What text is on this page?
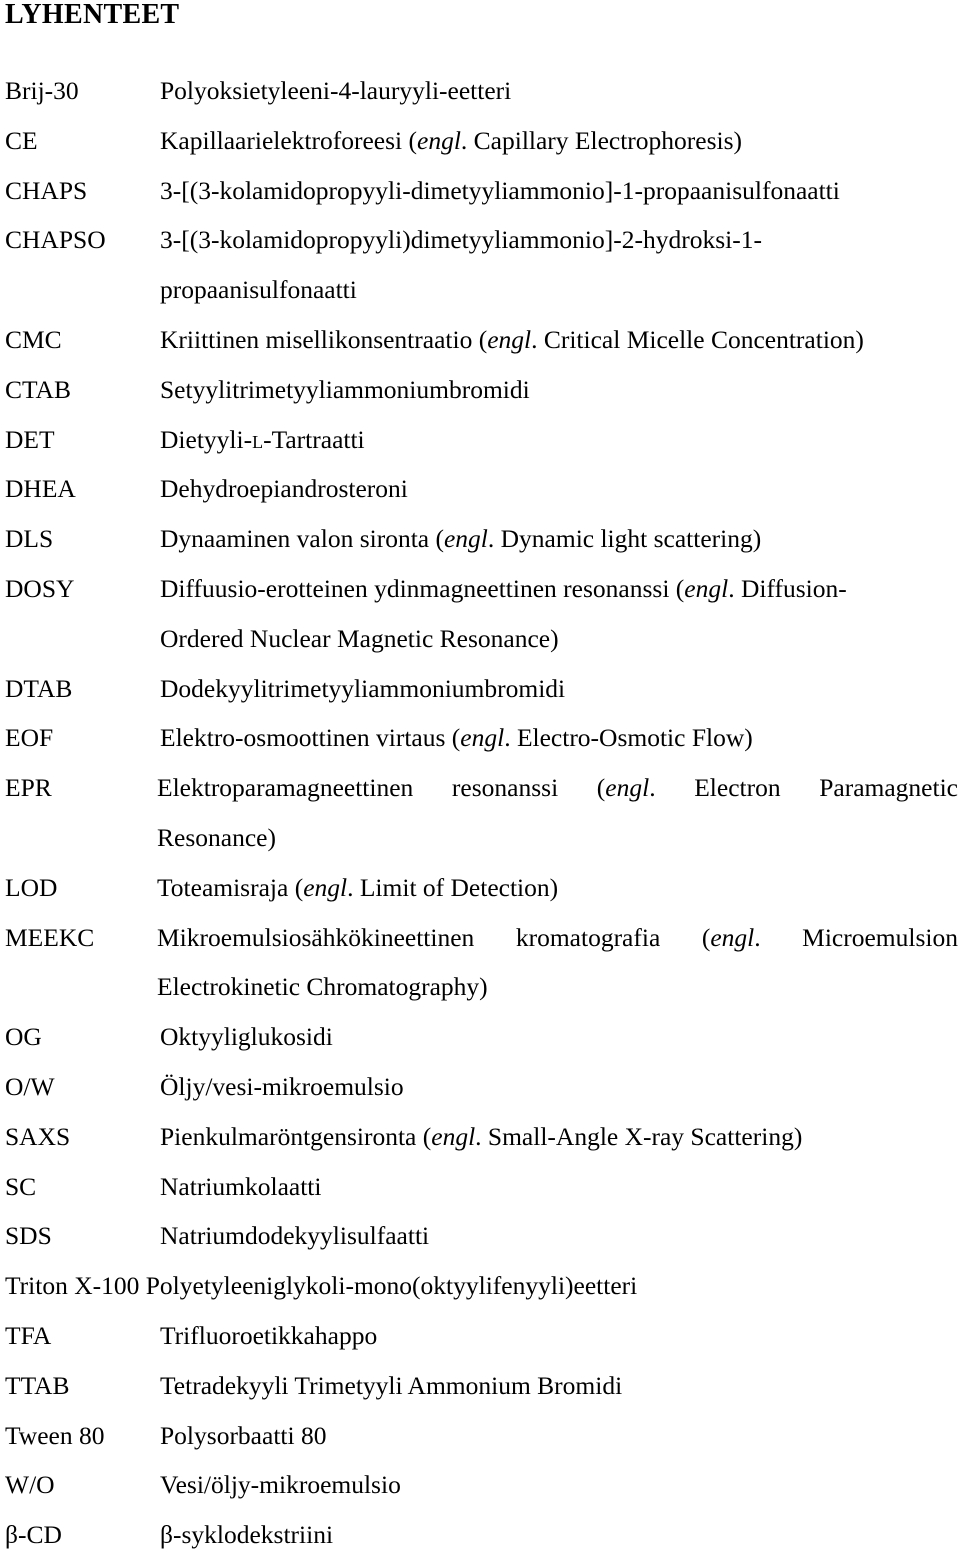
LYHENTEET
Brij-30	Polyoksietyleeni-4-lauryyli-eetteri
CE	Kapillaarielektroforeesi (engl. Capillary Electrophoresis)
CHAPS	3-[(3-kolamidopropyyli-dimetyyliammonio]-1-propaanisulfonaatti
CHAPSO 3-[(3-kolamidopropyyli)dimetyyliammonio]-2-hydroksi-1-
propaanisulfonaatti
CMC	Kriittinen misellikonsentraatio (engl. Critical Micelle Concentration)
CTAB	Setyylitrimetyyliammoniumbromidi
DET	Dietyyli-l-Tartraatti
DHEA	Dehydroepiandrosteroni
DLS	Dynaaminen valon sironta (engl. Dynamic light scattering)
DOSY	Diffuusio-erotteinen ydinmagneettinen resonanssi (engl. Diffusion-
Ordered Nuclear Magnetic Resonance)
DTAB	Dodekyylitrimetyyliammoniumbromidi
EOF	Elektro-osmoottinen virtaus (engl. Electro-Osmotic Flow)
EPR	Elektroparamagneettinen resonanssi (engl. Electron Paramagnetic
Resonance)
LOD	Toteamisraja (engl. Limit of Detection)
MEEKC Mikroemulsiosähkökineettinen kromatografia (engl. Microemulsion
Electrokinetic Chromatography)
OG	Oktyyliglukosidi
O/W	Öljy/vesi-mikroemulsio
SAXS	Pienkulmaröntgensironta (engl. Small-Angle X-ray Scattering)
SC	Natriumkolaatti
SDS	Natriumdodekyylisulfaatti
Triton X-100 Polyetyleeniglykoli-mono(oktyylifenyyli)eetteri
TFA	Trifluoroetikkahappo
TTAB	Tetradekyyli Trimetyyli Ammonium Bromidi
Tween 80 Polysorbaatti 80
W/O	Vesi/öljy-mikroemulsio
β-CD	β-syklodekstriini
